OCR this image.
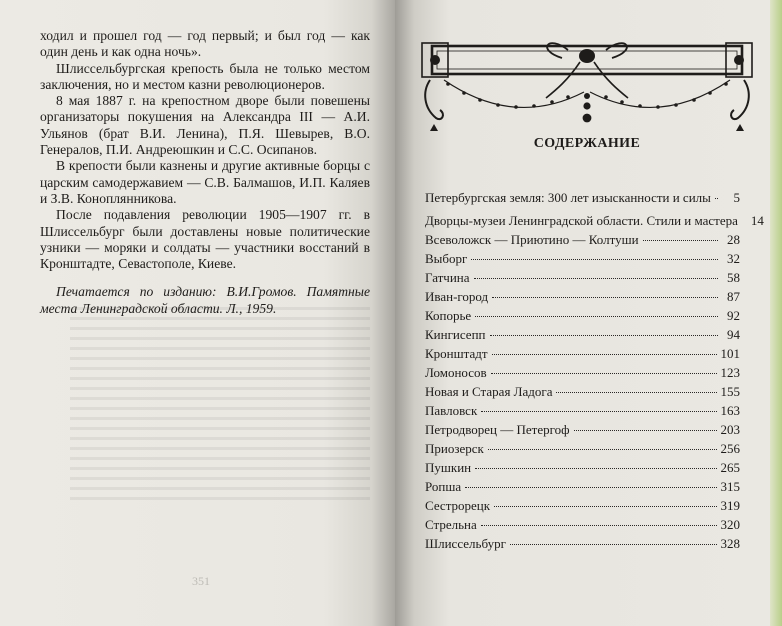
ходил и прошел год — год первый; и был год — как один день и как одна ночь».

Шлиссельбургская крепость была не только местом заключения, но и местом казни революционеров.

8 мая 1887 г. на крепостном дворе были повешены организаторы покушения на Александра III — А.И. Ульянов (брат В.И. Ленина), П.Я. Шевырев, В.О. Генералов, П.И. Андреюшкин и С.С. Осипанов.

В крепости были казнены и другие активные борцы с царским самодержавием — С.В. Балмашов, И.П. Каляев и З.В. Коноплянникова.

После подавления революции 1905—1907 гг. в Шлиссельбург были доставлены новые политические узники — моряки и солдаты — участники восстаний в Кронштадте, Севастополе, Киеве.

Печатается по изданию: В.И.Громов. Памятные места Ленинградской области. Л., 1959.

351
СОДЕРЖАНИЕ
Петербургская земля: 300 лет изысканности и силы	5
Дворцы-музеи Ленинградской области. Стили и мастера	14
Всеволожск — Приютино — Колтуши	28
Выборг	32
Гатчина	58
Иван-город	87
Копорье	92
Кингисепп	94
Кронштадт	101
Ломоносов	123
Новая и Старая Ладога	155
Павловск	163
Петродворец — Петергоф	203
Приозерск	256
Пушкин	265
Ропша	315
Сестрорецк	319
Стрельна	320
Шлиссельбург	328
